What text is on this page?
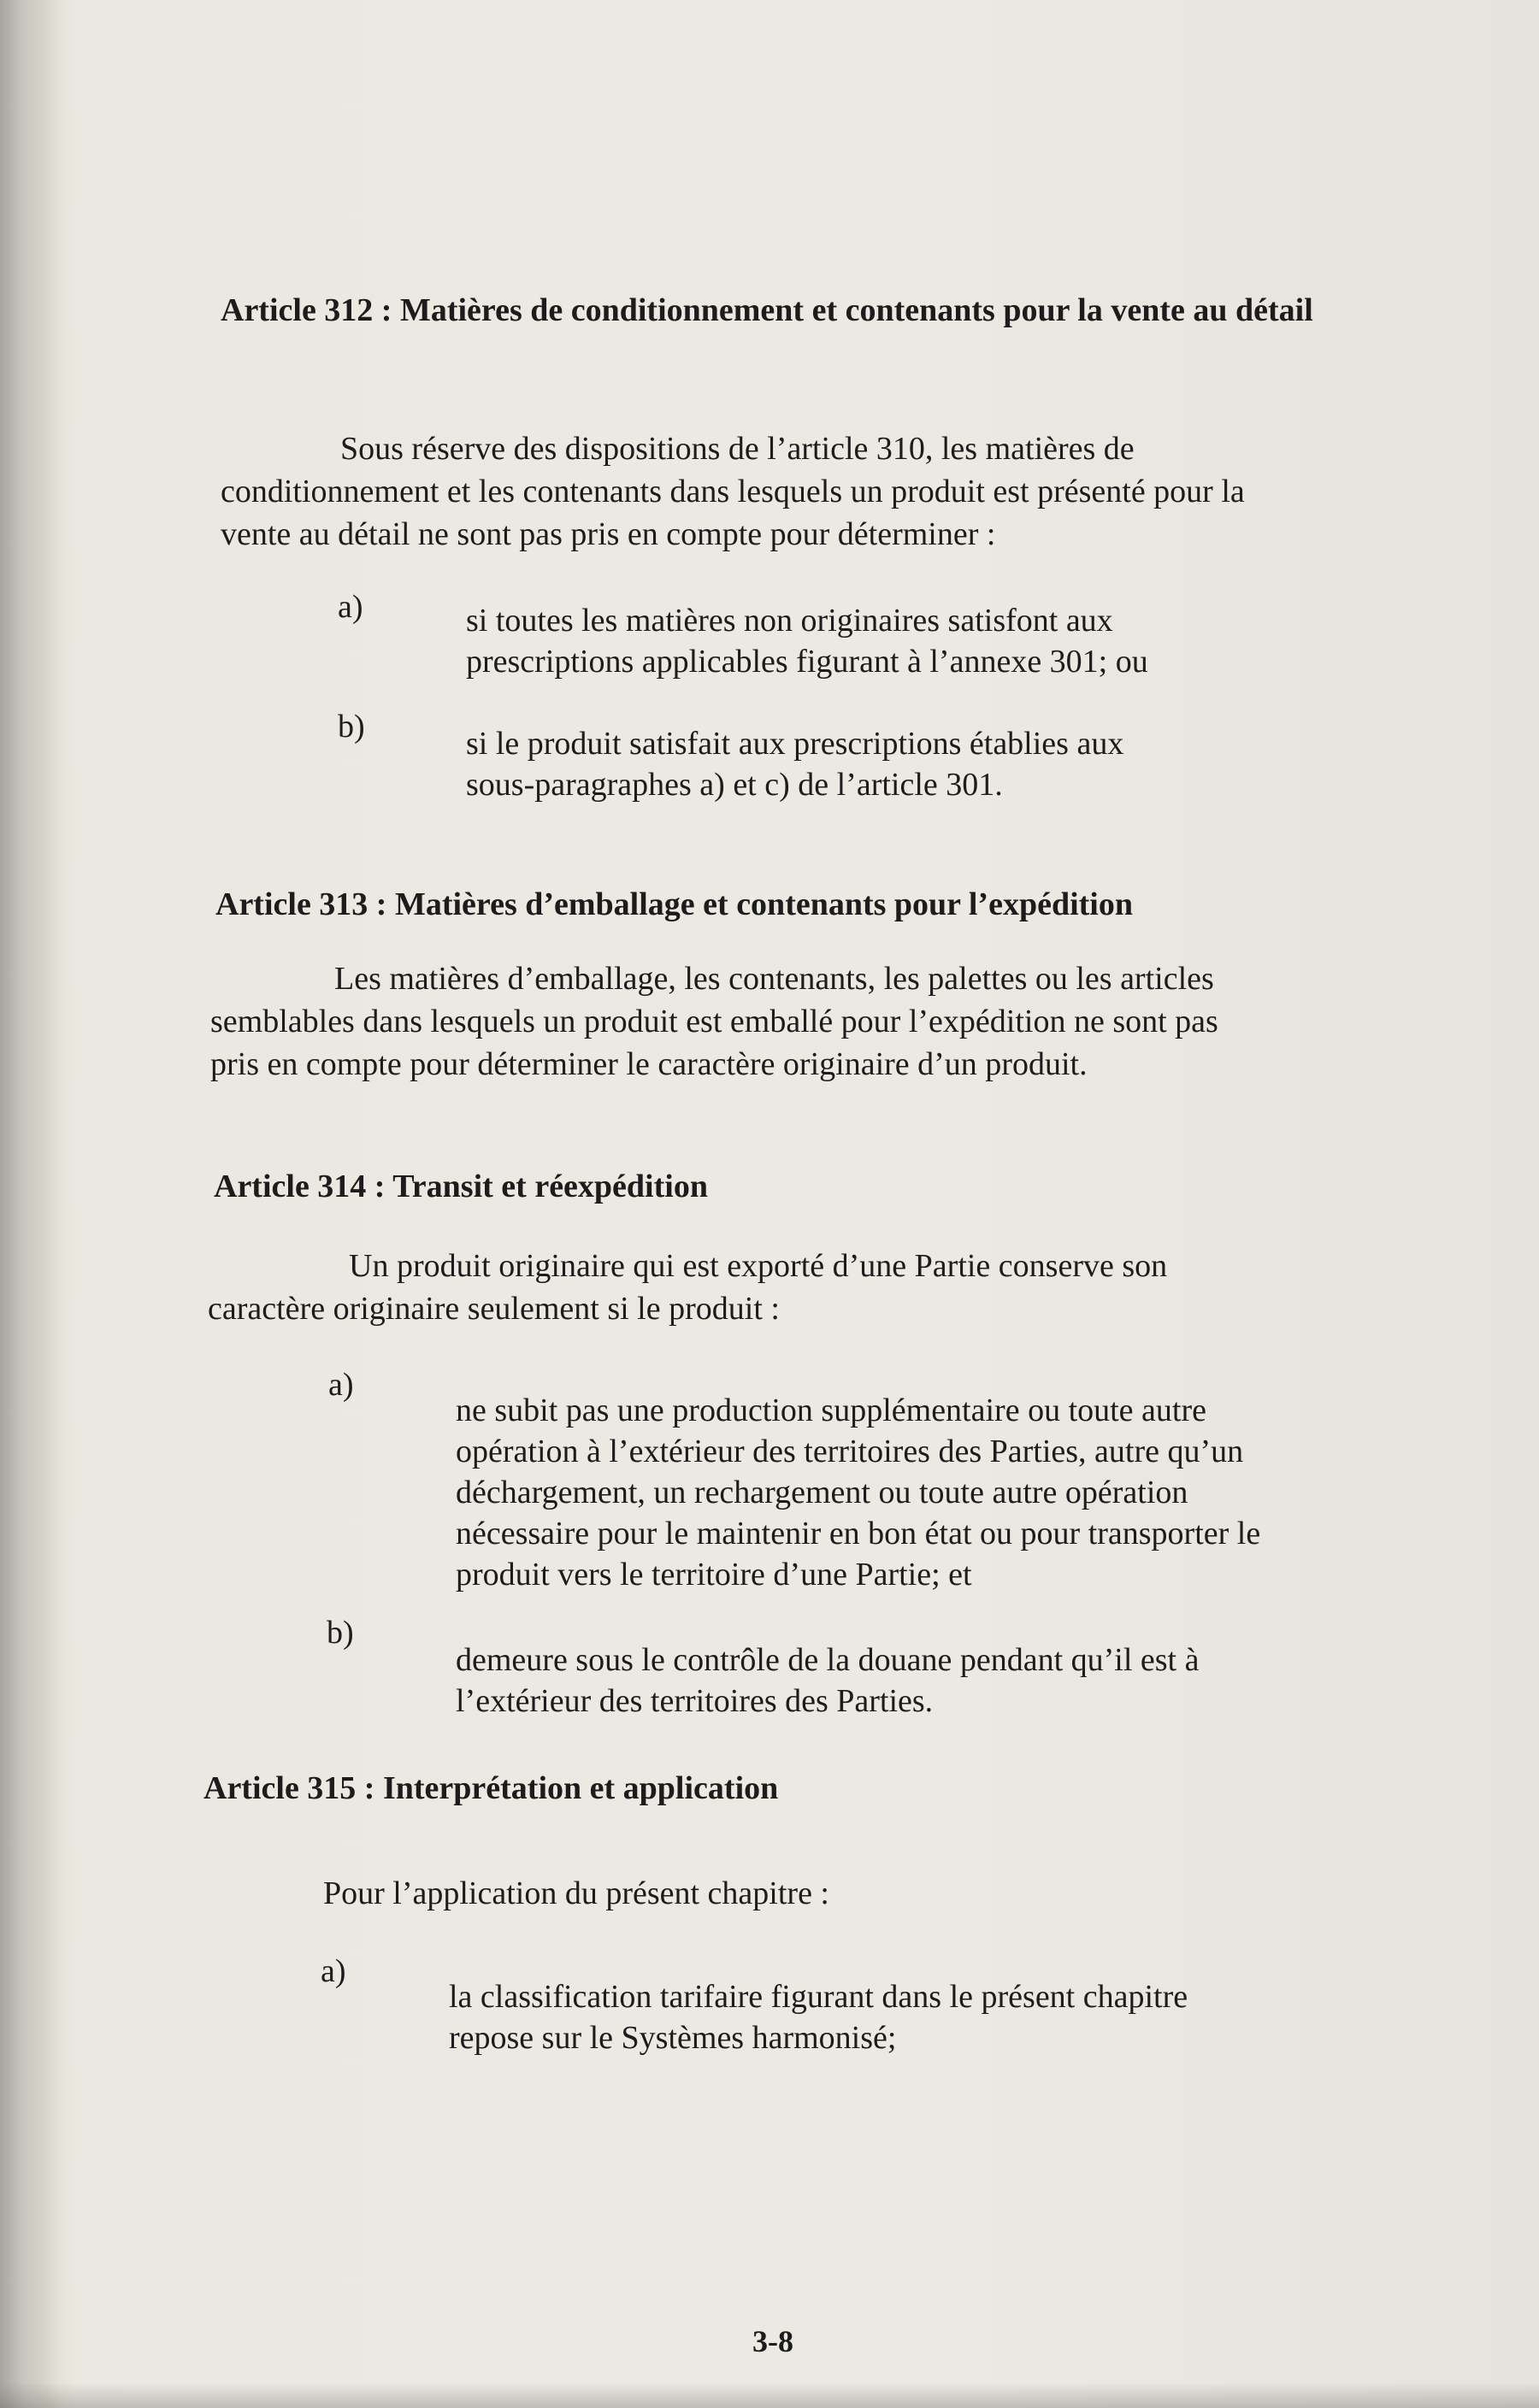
Article 312 : Matières de conditionnement et contenants pour la vente au détail
Sous réserve des dispositions de l’article 310, les matières de
conditionnement et les contenants dans lesquels un produit est présenté pour la
vente au détail ne sont pas pris en compte pour déterminer :

a)	si toutes les matières non originaires satisfont aux
prescriptions applicables figurant à l’annexe 301; ou

b)	si le produit satisfait aux prescriptions établies aux
sous-paragraphes a) et c) de l’article 301.
Article 313 : Matières d’emballage et contenants pour l’expédition
Les matières d’emballage, les contenants, les palettes ou les articles
semblables dans lesquels un produit est emballé pour l’expédition ne sont pas
pris en compte pour déterminer le caractère originaire d’un produit.
Article 314 : Transit et réexpédition
Un produit originaire qui est exporté d’une Partie conserve son
caractère originaire seulement si le produit :

a)

ne subit pas une production supplémentaire ou toute autre
opération à l’extérieur des territoires des Parties, autre qu’un
déchargement, un rechargement ou toute autre opération
nécessaire pour le maintenir en bon état ou pour transporter le
produit vers le territoire d’une Partie; et

b)

demeure sous le contrôle de la douane pendant qu’il est à
l’extérieur des territoires des Parties.
Article 315 : Interprétation et application
Pour l’application du présent chapitre :

a)

la classification tarifaire figurant dans le présent chapitre
repose sur le Systèmes harmonisé;

3-8
